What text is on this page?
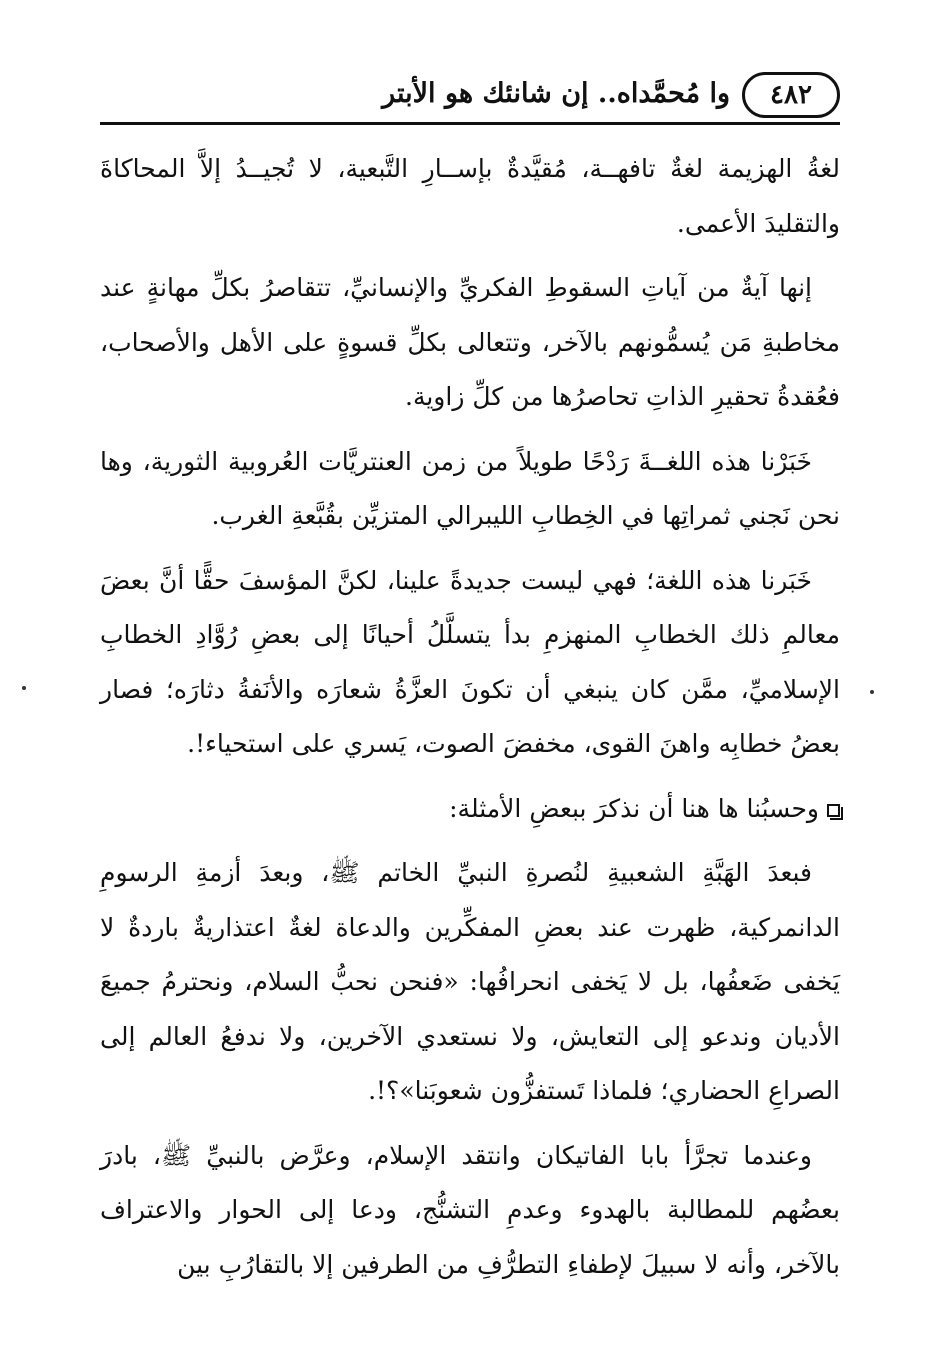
٤٨٢
وا مُحمَّداه.. إن شانئك هو الأبتر

لغةُ الهزيمة لغةٌ تافهــة، مُقيَّدةٌ بإســارِ التَّبعية، لا تُجيــدُ إلاَّ المحاكاةَ والتقليدَ الأعمى.

إنها آيةٌ من آياتِ السقوطِ الفكريِّ والإنسانيِّ، تتقاصرُ بكلِّ مهانةٍ عند مخاطبةِ مَن يُسمُّونهم بالآخر، وتتعالى بكلِّ قسوةٍ على الأهل والأصحاب، فعُقدةُ تحقيرِ الذاتِ تحاصرُها من كلِّ زاوية.

خَبَرْنا هذه اللغــةَ رَدْحًا طويلاً من زمن العنتريَّات العُروبية الثورية، وها نحن نَجني ثمراتِها في الخِطابِ الليبرالي المتزيِّن بقُبَّعةِ الغرب.

خَبَرنا هذه اللغة؛ فهي ليست جديدةً علينا، لكنَّ المؤسفَ حقًّا أنَّ بعضَ معالمِ ذلك الخطابِ المنهزمِ بدأ يتسلَّلُ أحيانًا إلى بعضِ رُوَّادِ الخطابِ الإسلاميِّ، ممَّن كان ينبغي أن تكونَ العزَّةُ شعارَه والأنَفةُ دثارَه؛ فصار بعضُ خطابِه واهنَ القوى، مخفضَ الصوت، يَسري على استحياء!.

وحسبُنا ها هنا أن نذكرَ ببعضِ الأمثلة:

فبعدَ الهَبَّةِ الشعبيةِ لنُصرةِ النبيِّ الخاتم ﷺ، وبعدَ أزمةِ الرسومِ الدانمركية، ظهرت عند بعضِ المفكِّرين والدعاة لغةٌ اعتذاريةٌ باردةٌ لا يَخفى ضَعفُها، بل لا يَخفى انحرافُها: «فنحن نحبُّ السلام، ونحترمُ جميعَ الأديان وندعو إلى التعايش، ولا نستعدي الآخرين، ولا ندفعُ العالم إلى الصراعِ الحضاري؛ فلماذا تَستفزُّون شعوبَنا»؟!.

وعندما تجرَّأ بابا الفاتيكان وانتقد الإسلام، وعرَّض بالنبيِّ ﷺ، بادرَ بعضُهم للمطالبة بالهدوء وعدمِ التشنُّج، ودعا إلى الحوار والاعتراف بالآخر، وأنه لا سبيلَ لإطفاءِ التطرُّفِ من الطرفين إلا بالتقارُبِ بين
